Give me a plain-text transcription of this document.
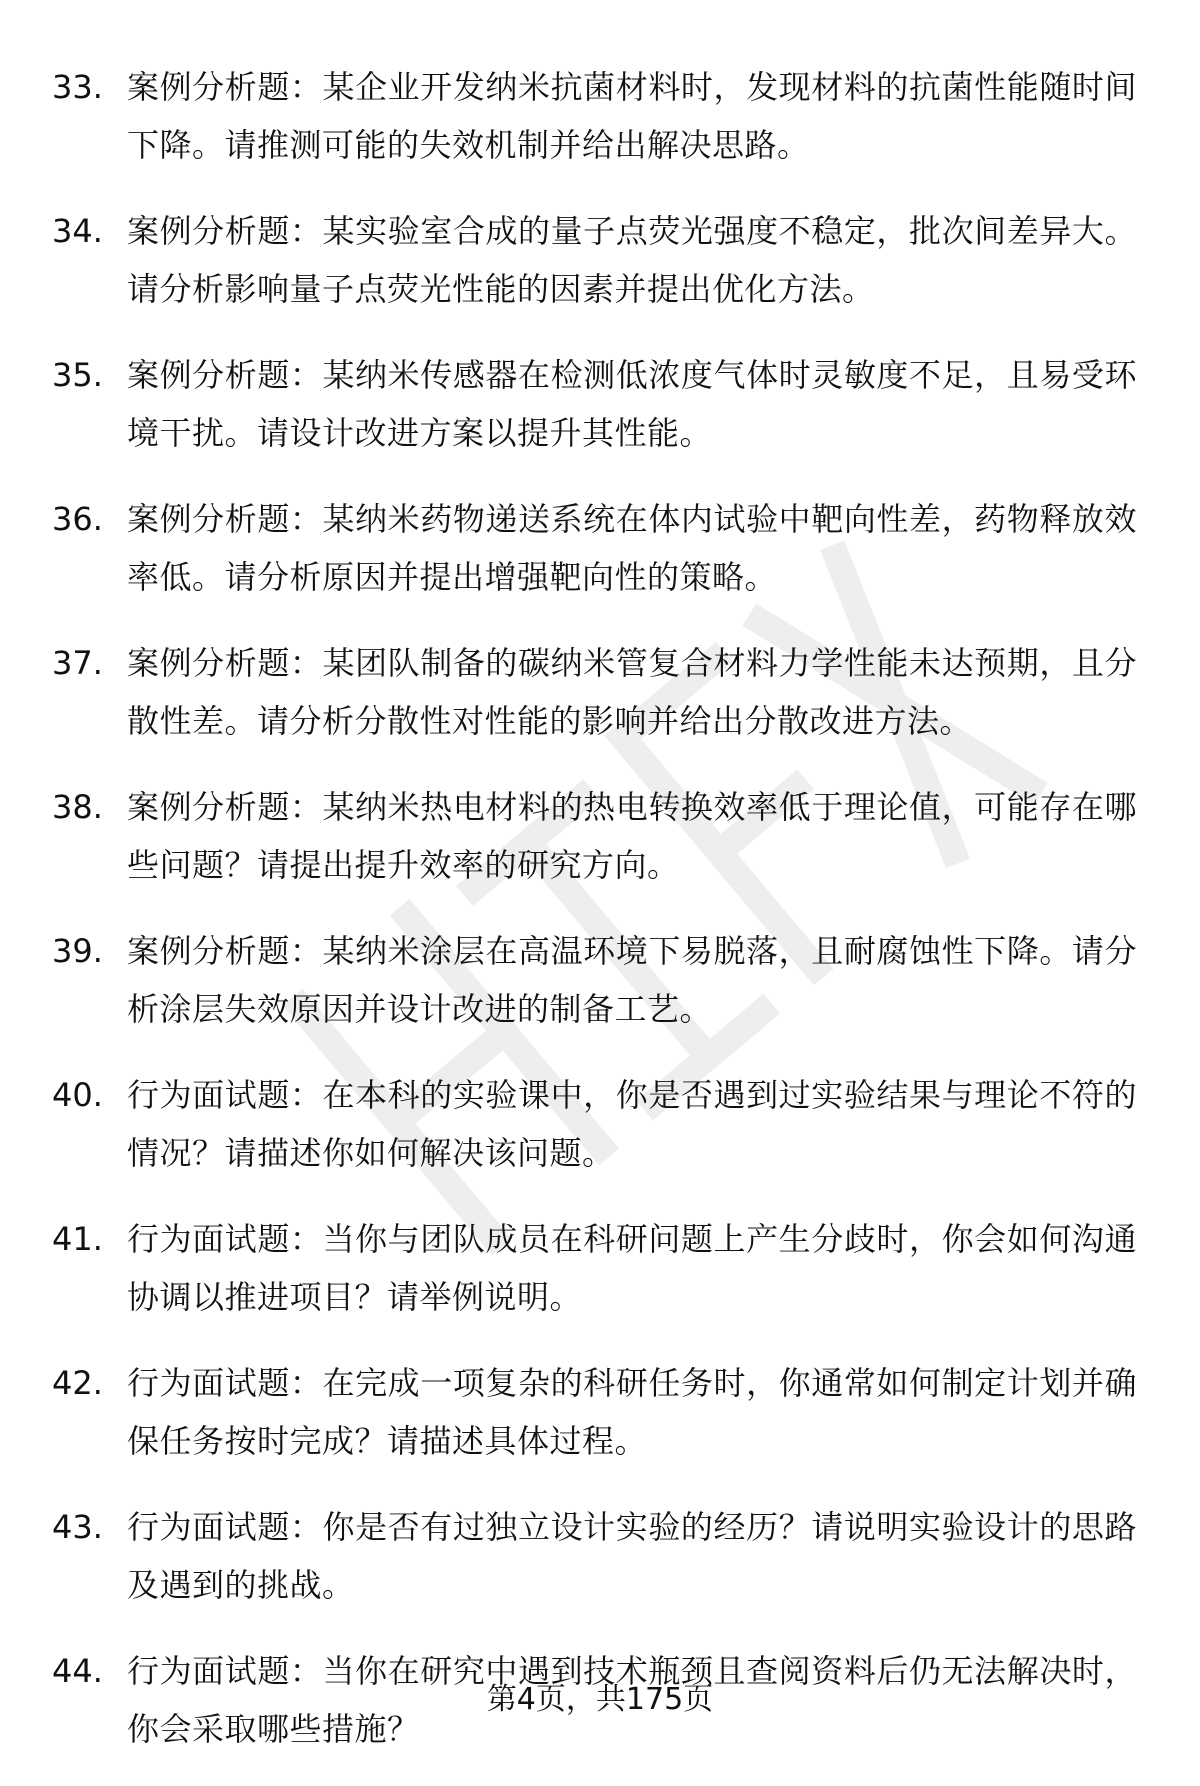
33. 案例分析题：某企业开发纳米抗菌材料时，发现材料的抗菌性能随时间下降。请推测可能的失效机制并给出解决思路。
34. 案例分析题：某实验室合成的量子点荧光强度不稳定，批次间差异大。请分析影响量子点荧光性能的因素并提出优化方法。
35. 案例分析题：某纳米传感器在检测低浓度气体时灵敏度不足，且易受环境干扰。请设计改进方案以提升其性能。
36. 案例分析题：某纳米药物递送系统在体内试验中靶向性差，药物释放效率低。请分析原因并提出增强靶向性的策略。
37. 案例分析题：某团队制备的碳纳米管复合材料力学性能未达预期，且分散性差。请分析分散性对性能的影响并给出分散改进方法。
38. 案例分析题：某纳米热电材料的热电转换效率低于理论值，可能存在哪些问题？请提出提升效率的研究方向。
39. 案例分析题：某纳米涂层在高温环境下易脱落，且耐腐蚀性下降。请分析涂层失效原因并设计改进的制备工艺。
40. 行为面试题：在本科的实验课中，你是否遇到过实验结果与理论不符的情况？请描述你如何解决该问题。
41. 行为面试题：当你与团队成员在科研问题上产生分歧时，你会如何沟通协调以推进项目？请举例说明。
42. 行为面试题：在完成一项复杂的科研任务时，你通常如何制定计划并确保任务按时完成？请描述具体过程。
43. 行为面试题：你是否有过独立设计实验的经历？请说明实验设计的思路及遇到的挑战。
44. 行为面试题：当你在研究中遇到技术瓶颈且查阅资料后仍无法解决时，你会采取哪些措施？
第4页，共175页
